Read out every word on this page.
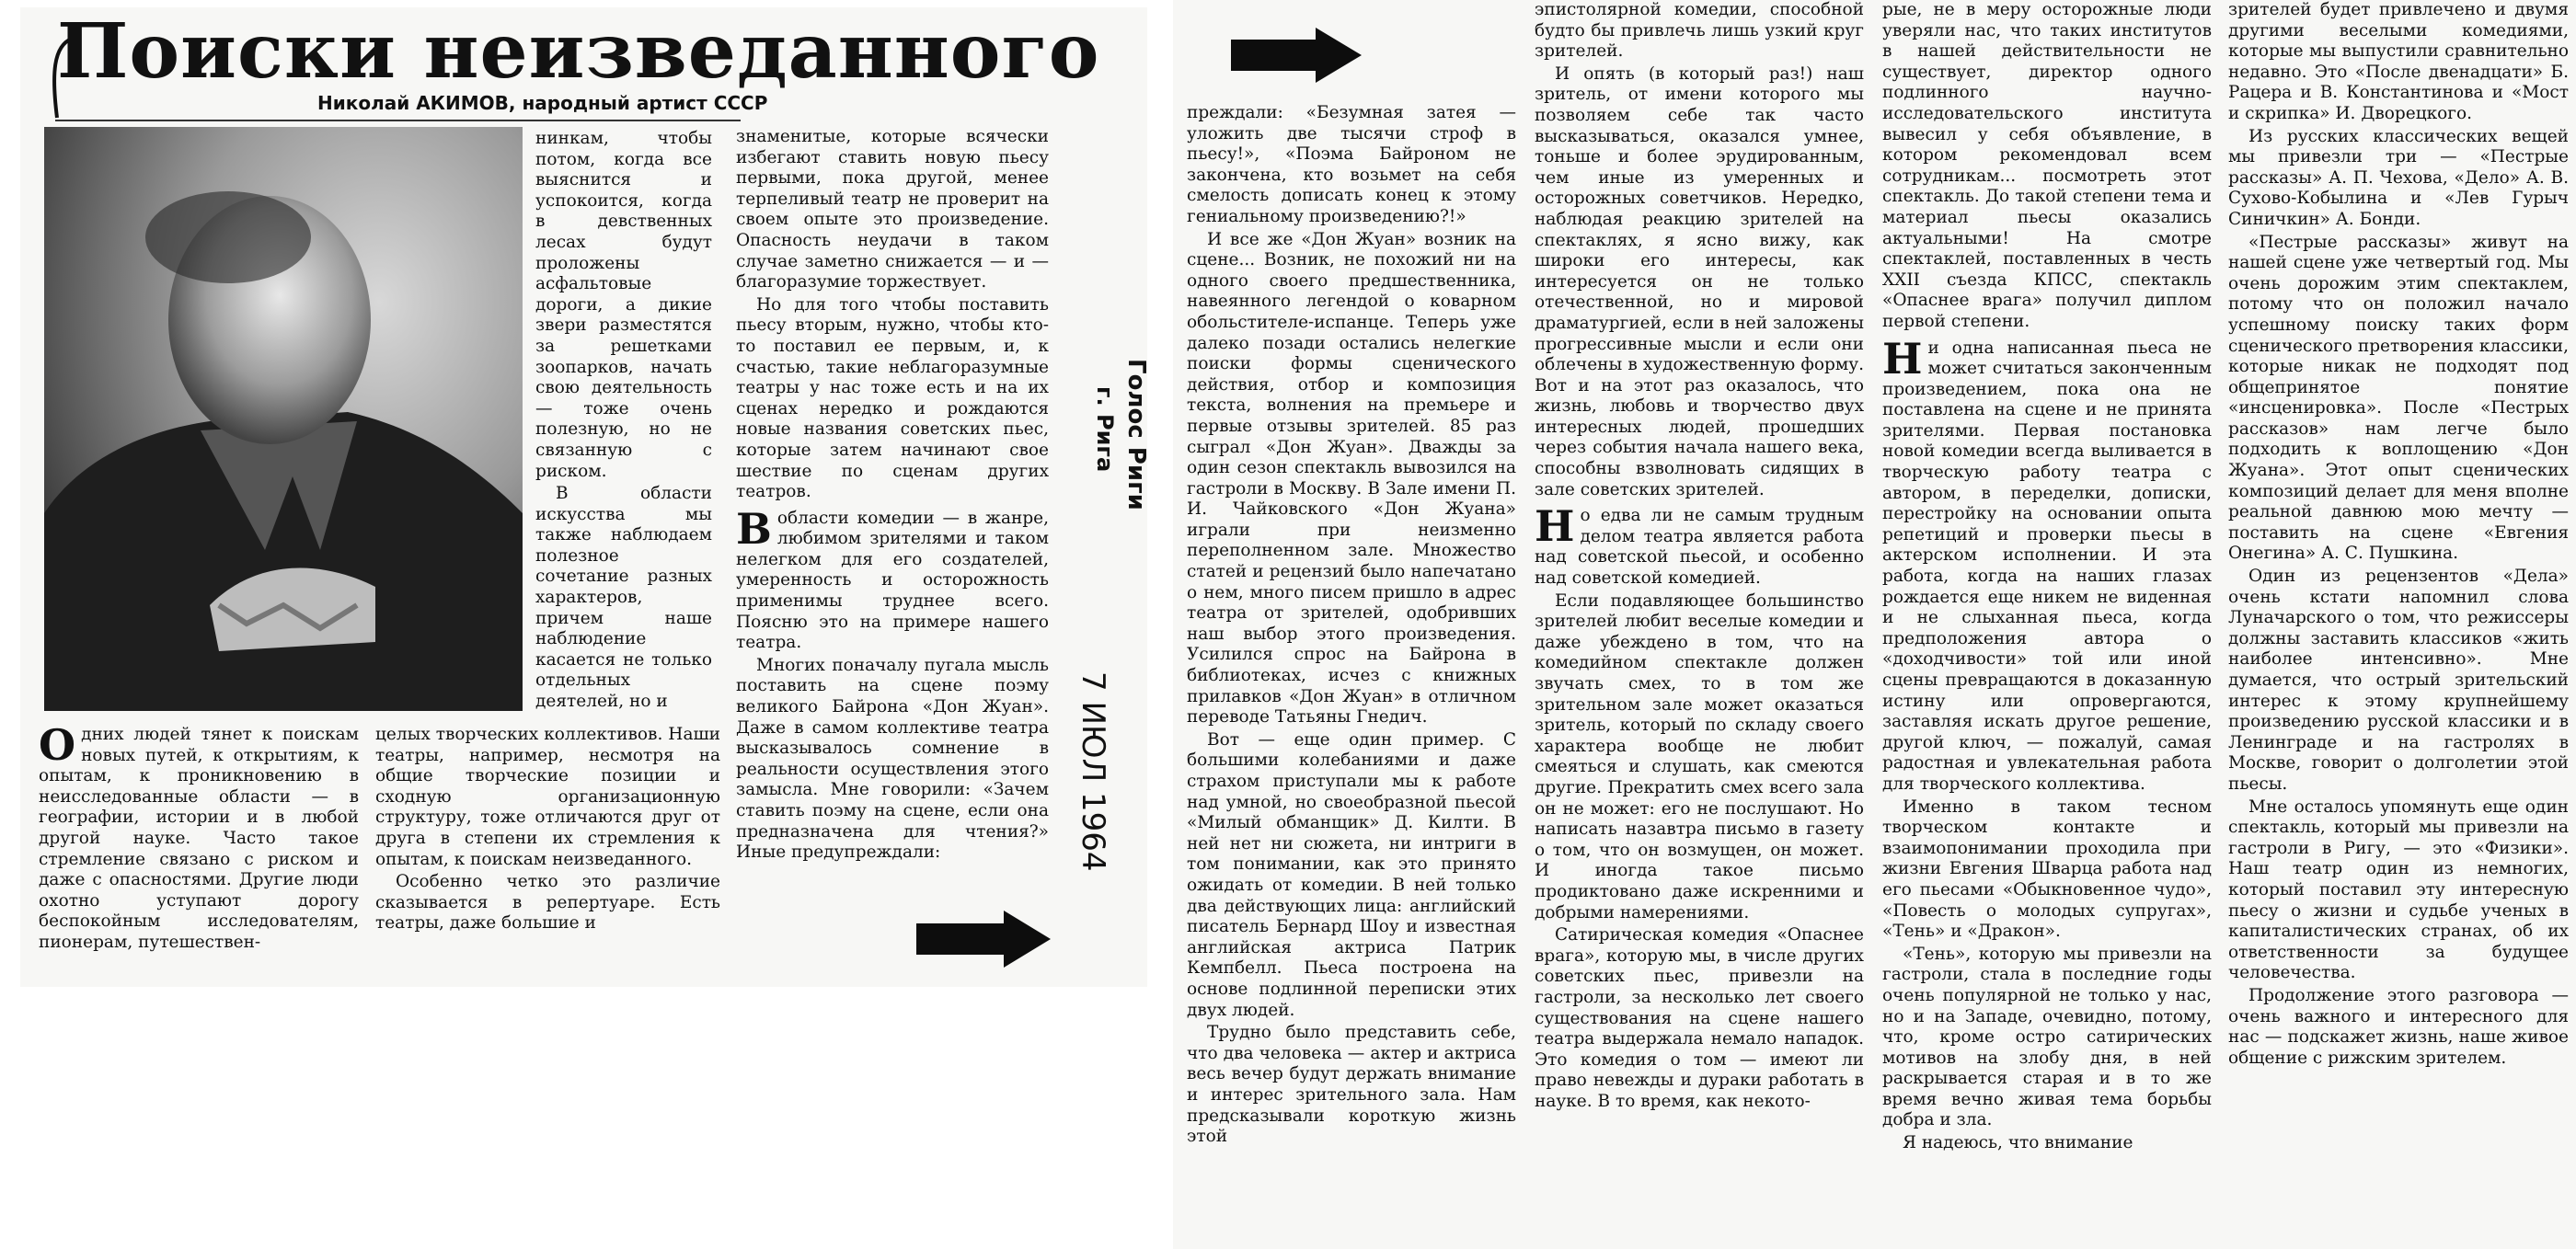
Поиски неизведанного
Николай АКИМОВ, народный артист СССР

нинкам, чтобы потом, когда все выяснится и успокоится, когда в девственных лесах будут проложены асфальтовые дороги, а дикие звери разместятся за решетками зоопарков, начать свою деятельность — тоже очень полезную, но не связанную с риском.

В области искусства мы также наблюдаем полезное сочетание разных характеров, причем наше наблюдение касается не только отдельных деятелей, но и

Одних людей тянет к поискам новых путей, к открытиям, к опытам, к проникновению в неисследованные области — в географии, истории и в любой другой науке. Часто такое стремление связано с риском и даже с опасностями. Другие люди охотно уступают дорогу беспокойным исследователям, пионерам, путешествен-

целых творческих коллективов. Наши театры, например, несмотря на общие творческие позиции и сходную организационную структуру, тоже отличаются друг от друга в степени их стремления к опытам, к поискам неизведанного.

Особенно четко это различие сказывается в репертуаре. Есть театры, даже большие и

знаменитые, которые всячески избегают ставить новую пьесу первыми, пока другой, менее терпеливый театр не проверит на своем опыте это произведение. Опасность неудачи в таком случае заметно снижается — и — благоразумие торжествует.

Но для того чтобы поставить пьесу вторым, нужно, чтобы кто-то поставил ее первым, и, к счастью, такие неблагоразумные театры у нас тоже есть и на их сценах нередко и рождаются новые названия советских пьес, которые затем начинают свое шествие по сценам других театров.

В области комедии — в жанре, любимом зрителями и таком нелегком для его создателей, умеренность и осторожность применимы труднее всего. Поясню это на примере нашего театра.

Многих поначалу пугала мысль поставить на сцене поэму великого Байрона «Дон Жуан». Даже в самом коллективе театра высказывалось сомнение в реальности осуществления этого замысла. Мне говорили: «Зачем ставить поэму на сцене, если она предназначена для чтения?» Иные предупреждали:

Голос Риги
г. Рига
7 ИЮЛ 1964

преждали: «Безумная затея — уложить две тысячи строф в пьесу!», «Поэма Байроном не закончена, кто возьмет на себя смелость дописать конец к этому гениальному произведению?!»

И все же «Дон Жуан» возник на сцене... Возник, не похожий ни на одного своего предшественника, навеянного легендой о коварном обольстителе-испанце. Теперь уже далеко позади остались нелегкие поиски формы сценического действия, отбор и композиция текста, волнения на премьере и первые отзывы зрителей. 85 раз сыграл «Дон Жуан». Дважды за один сезон спектакль вывозился на гастроли в Москву. В Зале имени П. И. Чайковского «Дон Жуана» играли при неизменно переполненном зале. Множество статей и рецензий было напечатано о нем, много писем пришло в адрес театра от зрителей, одобривших наш выбор этого произведения. Усилился спрос на Байрона в библиотеках, исчез с книжных прилавков «Дон Жуан» в отличном переводе Татьяны Гнедич.

Вот — еще один пример. С большими колебаниями и даже страхом приступали мы к работе над умной, но своеобразной пьесой «Милый обманщик» Д. Килти. В ней нет ни сюжета, ни интриги в том понимании, как это принято ожидать от комедии. В ней только два действующих лица: английский писатель Бернард Шоу и известная английская актриса Патрик Кемпбелл. Пьеса построена на основе подлинной переписки этих двух людей.

Трудно было представить себе, что два человека — актер и актриса весь вечер будут держать внимание и интерес зрительного зала. Нам предсказывали короткую жизнь этой

эпистолярной комедии, способной будто бы привлечь лишь узкий круг зрителей.

И опять (в который раз!) наш зритель, от имени которого мы позволяем себе так часто высказываться, оказался умнее, тоньше и более эрудированным, чем иные из умеренных и осторожных советчиков. Нередко, наблюдая реакцию зрителей на спектаклях, я ясно вижу, как широки его интересы, как интересуется он не только отечественной, но и мировой драматургией, если в ней заложены прогрессивные мысли и если они облечены в художественную форму. Вот и на этот раз оказалось, что жизнь, любовь и творчество двух интересных людей, прошедших через события начала нашего века, способны взволновать сидящих в зале советских зрителей.

Но едва ли не самым трудным делом театра является работа над советской пьесой, и особенно над советской комедией.

Если подавляющее большинство зрителей любит веселые комедии и даже убеждено в том, что на комедийном спектакле должен звучать смех, то в том же зрительном зале может оказаться зритель, который по складу своего характера вообще не любит смеяться и слушать, как смеются другие. Прекратить смех всего зала он не может: его не послушают. Но написать назавтра письмо в газету о том, что он возмущен, он может. И иногда такое письмо продиктовано даже искренними и добрыми намерениями.

Сатирическая комедия «Опаснее врага», которую мы, в числе других советских пьес, привезли на гастроли, за несколько лет своего существования на сцене нашего театра выдержала немало нападок. Это комедия о том — имеют ли право невежды и дураки работать в науке. В то время, как некото-

рые, не в меру осторожные люди уверяли нас, что таких институтов в нашей действительности не существует, директор одного подлинного научно-исследовательского института вывесил у себя объявление, в котором рекомендовал всем сотрудникам... посмотреть этот спектакль. До такой степени тема и материал пьесы оказались актуальными! На смотре спектаклей, поставленных в честь XXII съезда КПСС, спектакль «Опаснее врага» получил диплом первой степени.

Ни одна написанная пьеса не может считаться законченным произведением, пока она не поставлена на сцене и не принята зрителями. Первая постановка новой комедии всегда выливается в творческую работу театра с автором, в переделки, дописки, перестройку на основании опыта репетиций и проверки пьесы в актерском исполнении. И эта работа, когда на наших глазах рождается еще никем не виденная и не слыханная пьеса, когда предположения автора о «доходчивости» той или иной сцены превращаются в доказанную истину или опровергаются, заставляя искать другое решение, другой ключ, — пожалуй, самая радостная и увлекательная работа для творческого коллектива.

Именно в таком тесном творческом контакте и взаимопонимании проходила при жизни Евгения Шварца работа над его пьесами «Обыкновенное чудо», «Повесть о молодых супругах», «Тень» и «Дракон».

«Тень», которую мы привезли на гастроли, стала в последние годы очень популярной не только у нас, но и на Западе, очевидно, потому, что, кроме остро сатирических мотивов на злобу дня, в ней раскрывается старая и в то же время вечно живая тема борьбы добра и зла.

Я надеюсь, что внимание

зрителей будет привлечено и двумя другими веселыми комедиями, которые мы выпустили сравнительно недавно. Это «После двенадцати» Б. Рацера и В. Константинова и «Мост и скрипка» И. Дворецкого.

Из русских классических вещей мы привезли три — «Пестрые рассказы» А. П. Чехова, «Дело» А. В. Сухово-Кобылина и «Лев Гурыч Синичкин» А. Бонди.

«Пестрые рассказы» живут на нашей сцене уже четвертый год. Мы очень дорожим этим спектаклем, потому что он положил начало успешному поиску таких форм сценического претворения классики, которые никак не подходят под общепринятое понятие «инсценировка». После «Пестрых рассказов» нам легче было подходить к воплощению «Дон Жуана». Этот опыт сценических композиций делает для меня вполне реальной давнюю мою мечту — поставить на сцене «Евгения Онегина» А. С. Пушкина.

Один из рецензентов «Дела» очень кстати напомнил слова Луначарского о том, что режиссеры должны заставить классиков «жить наиболее интенсивно». Мне думается, что острый зрительский интерес к этому крупнейшему произведению русской классики и в Ленинграде и на гастролях в Москве, говорит о долголетии этой пьесы.

Мне осталось упомянуть еще один спектакль, который мы привезли на гастроли в Ригу, — это «Физики». Наш театр один из немногих, который поставил эту интересную пьесу о жизни и судьбе ученых в капиталистических странах, об их ответственности за будущее человечества.

Продолжение этого разговора — очень важного и интересного для нас — подскажет жизнь, наше живое общение с рижским зрителем.
